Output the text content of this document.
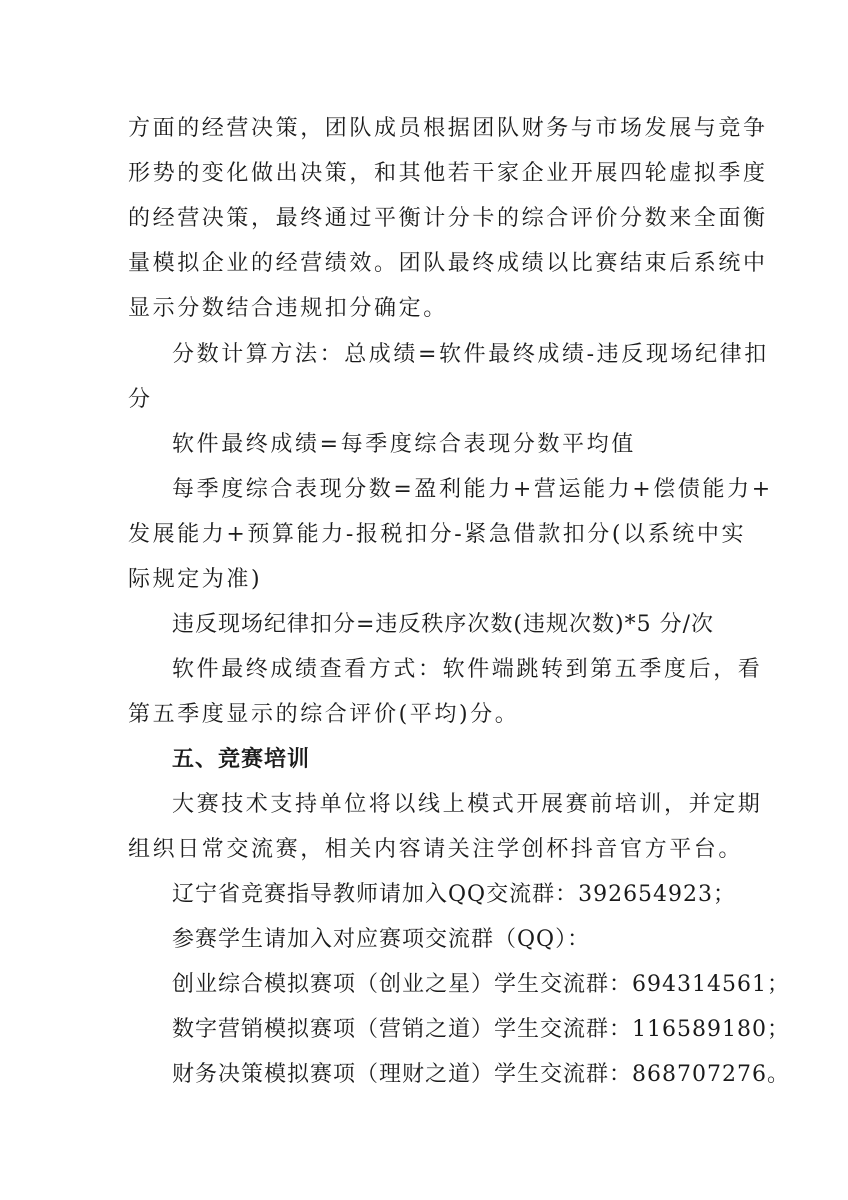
方面的经营决策，团队成员根据团队财务与市场发展与竞争

形势的变化做出决策，和其他若干家企业开展四轮虚拟季度

的经营决策，最终通过平衡计分卡的综合评价分数来全面衡

量模拟企业的经营绩效。团队最终成绩以比赛结束后系统中

显示分数结合违规扣分确定。

分数计算方法：总成绩=软件最终成绩-违反现场纪律扣

分

软件最终成绩=每季度综合表现分数平均值

每季度综合表现分数=盈利能力+营运能力+偿债能力+

发展能力+预算能力-报税扣分-紧急借款扣分(以系统中实

际规定为准)

违反现场纪律扣分=违反秩序次数(违规次数)*5 分/次

软件最终成绩查看方式：软件端跳转到第五季度后，看

第五季度显示的综合评价(平均)分。

五、竞赛培训

大赛技术支持单位将以线上模式开展赛前培训，并定期

组织日常交流赛，相关内容请关注学创杯抖音官方平台。

辽宁省竞赛指导教师请加入QQ交流群：392654923；

参赛学生请加入对应赛项交流群（QQ）：

创业综合模拟赛项（创业之星）学生交流群：694314561；

数字营销模拟赛项（营销之道）学生交流群：116589180；

财务决策模拟赛项（理财之道）学生交流群：868707276。
